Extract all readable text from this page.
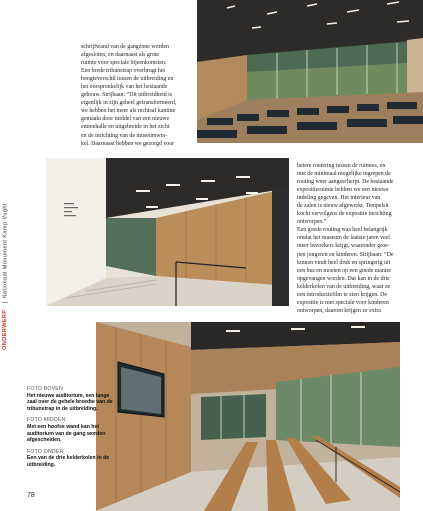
ONDERWERPNationaal Monument Kamp Vught

schrijfwand van de gangzone worden

afgesloten, en daarnaast als grote

ruimte voor speciale bijeenkomsten.

Een brede tribunetrap overbrugt het

hoogteverschil tussen de uitbreiding en

het oorspronkelijk van het bestaande

gebouw. Strijbaan: “Dit uitbreidheid is

eigenlijk in zijn geheel getransformeerd,

we hebben het meer als rechtsaf kantine

gemaakt door middel van een nieuwe

entreehalle en uitgebreide in het zicht

en de inrichting van de museumwin-

kel. Daarnaast hebben we gezorgd voor

betere routering tussen de ruimtes, en

met de minimaal mogelijke ingrepen de

routing weer aangescherpt. De bestaande

expositieruimte hebben we een nieuwe

indeling gegeven. Het interieur van

de zalen is nieuw afgewerkt. Tempelsit

kocht vervolgens de expositie inrichting

ontworpen.”

Een goede routing was heel belangrijk

omdat het museum de laatste jaren veel

meer bezoekers krijgt, waaronder groe-

pen jongeren en kinderen. Strijbaan: “De

kinnen vindt heel druk en springerig uit

een bus en moeten op een goede manier

opgevangen worden. Dat kan in de drie

kelderkolen van de uitbreiding, waar ze

een introductiefilm te zien krijgen. De

expositie is met speciale voor kinderen

ontworpen, daarom krijgen ze extra

FOTO BOVEN
Het nieuwe auditorium, een lange zaal over de gehele breedte van de tribunetrap in de uitbreiding.
FOTO MIDDEN
Met een hoofse wand kan het auditorium van de gang worden afgescheiden.
FOTO ONDER
Een van de drie kelderkolen in de uitbreiding.
78
